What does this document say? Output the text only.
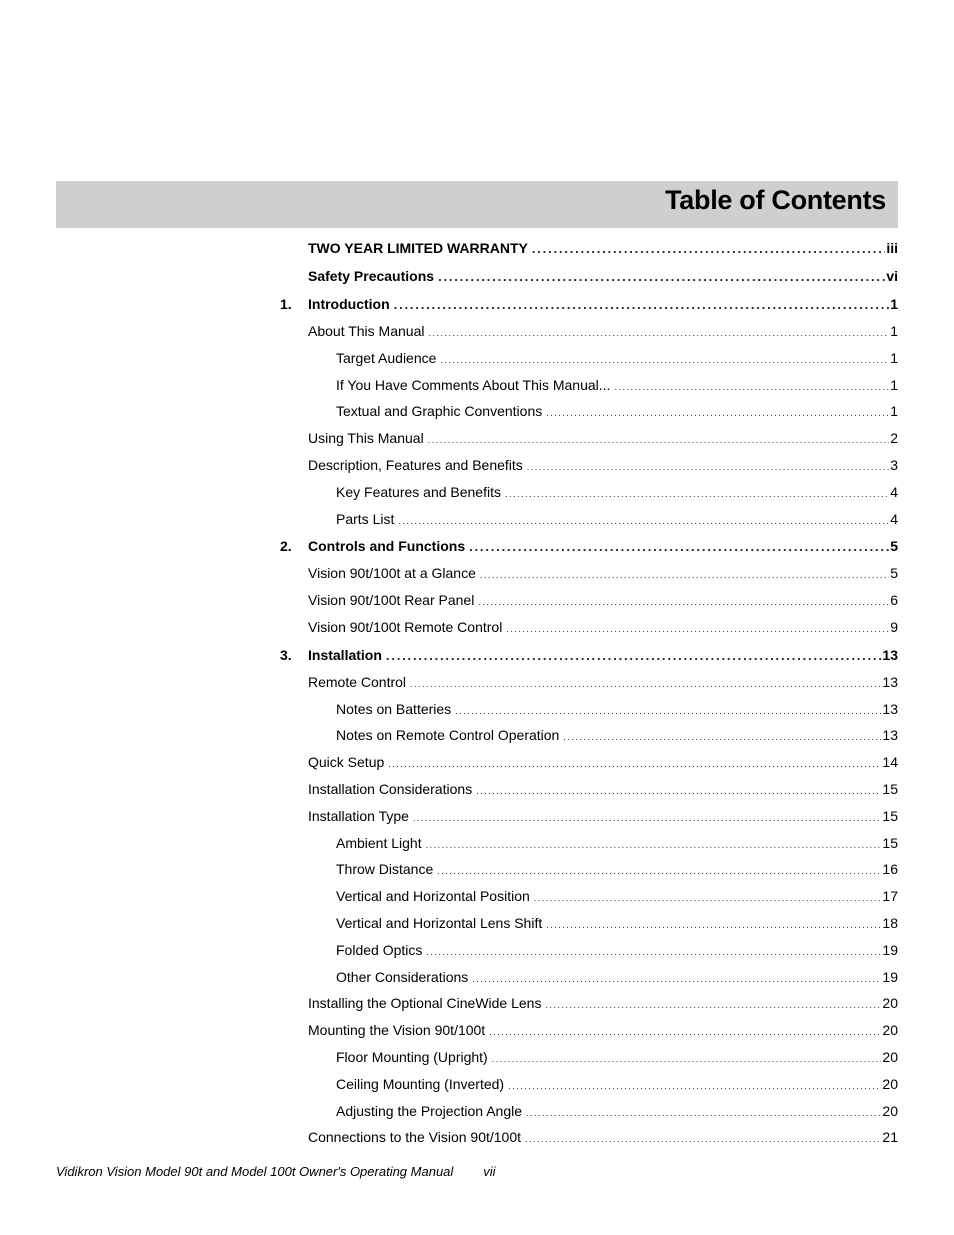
Table of Contents
TWO YEAR LIMITED WARRANTY .....	iii
Safety Precautions .....	vi
1.	Introduction .....	1
About This Manual .....	1
Target Audience .....	1
If You Have Comments About This Manual... .....	1
Textual and Graphic Conventions .....	1
Using This Manual .....	2
Description, Features and Benefits .....	3
Key Features and Benefits .....	4
Parts List .....	4
2.	Controls and Functions .....	5
Vision 90t/100t at a Glance .....	5
Vision 90t/100t Rear Panel .....	6
Vision 90t/100t Remote Control .....	9
3.	Installation .....	13
Remote Control .....	13
Notes on Batteries .....	13
Notes on Remote Control Operation .....	13
Quick Setup .....	14
Installation Considerations .....	15
Installation Type .....	15
Ambient Light .....	15
Throw Distance .....	16
Vertical and Horizontal Position .....	17
Vertical and Horizontal Lens Shift .....	18
Folded Optics .....	19
Other Considerations .....	19
Installing the Optional CineWide Lens .....	20
Mounting the Vision 90t/100t .....	20
Floor Mounting (Upright) .....	20
Ceiling Mounting (Inverted) .....	20
Adjusting the Projection Angle .....	20
Connections to the Vision 90t/100t .....	21
Vidikron Vision Model 90t and Model 100t Owner's Operating Manual vii
